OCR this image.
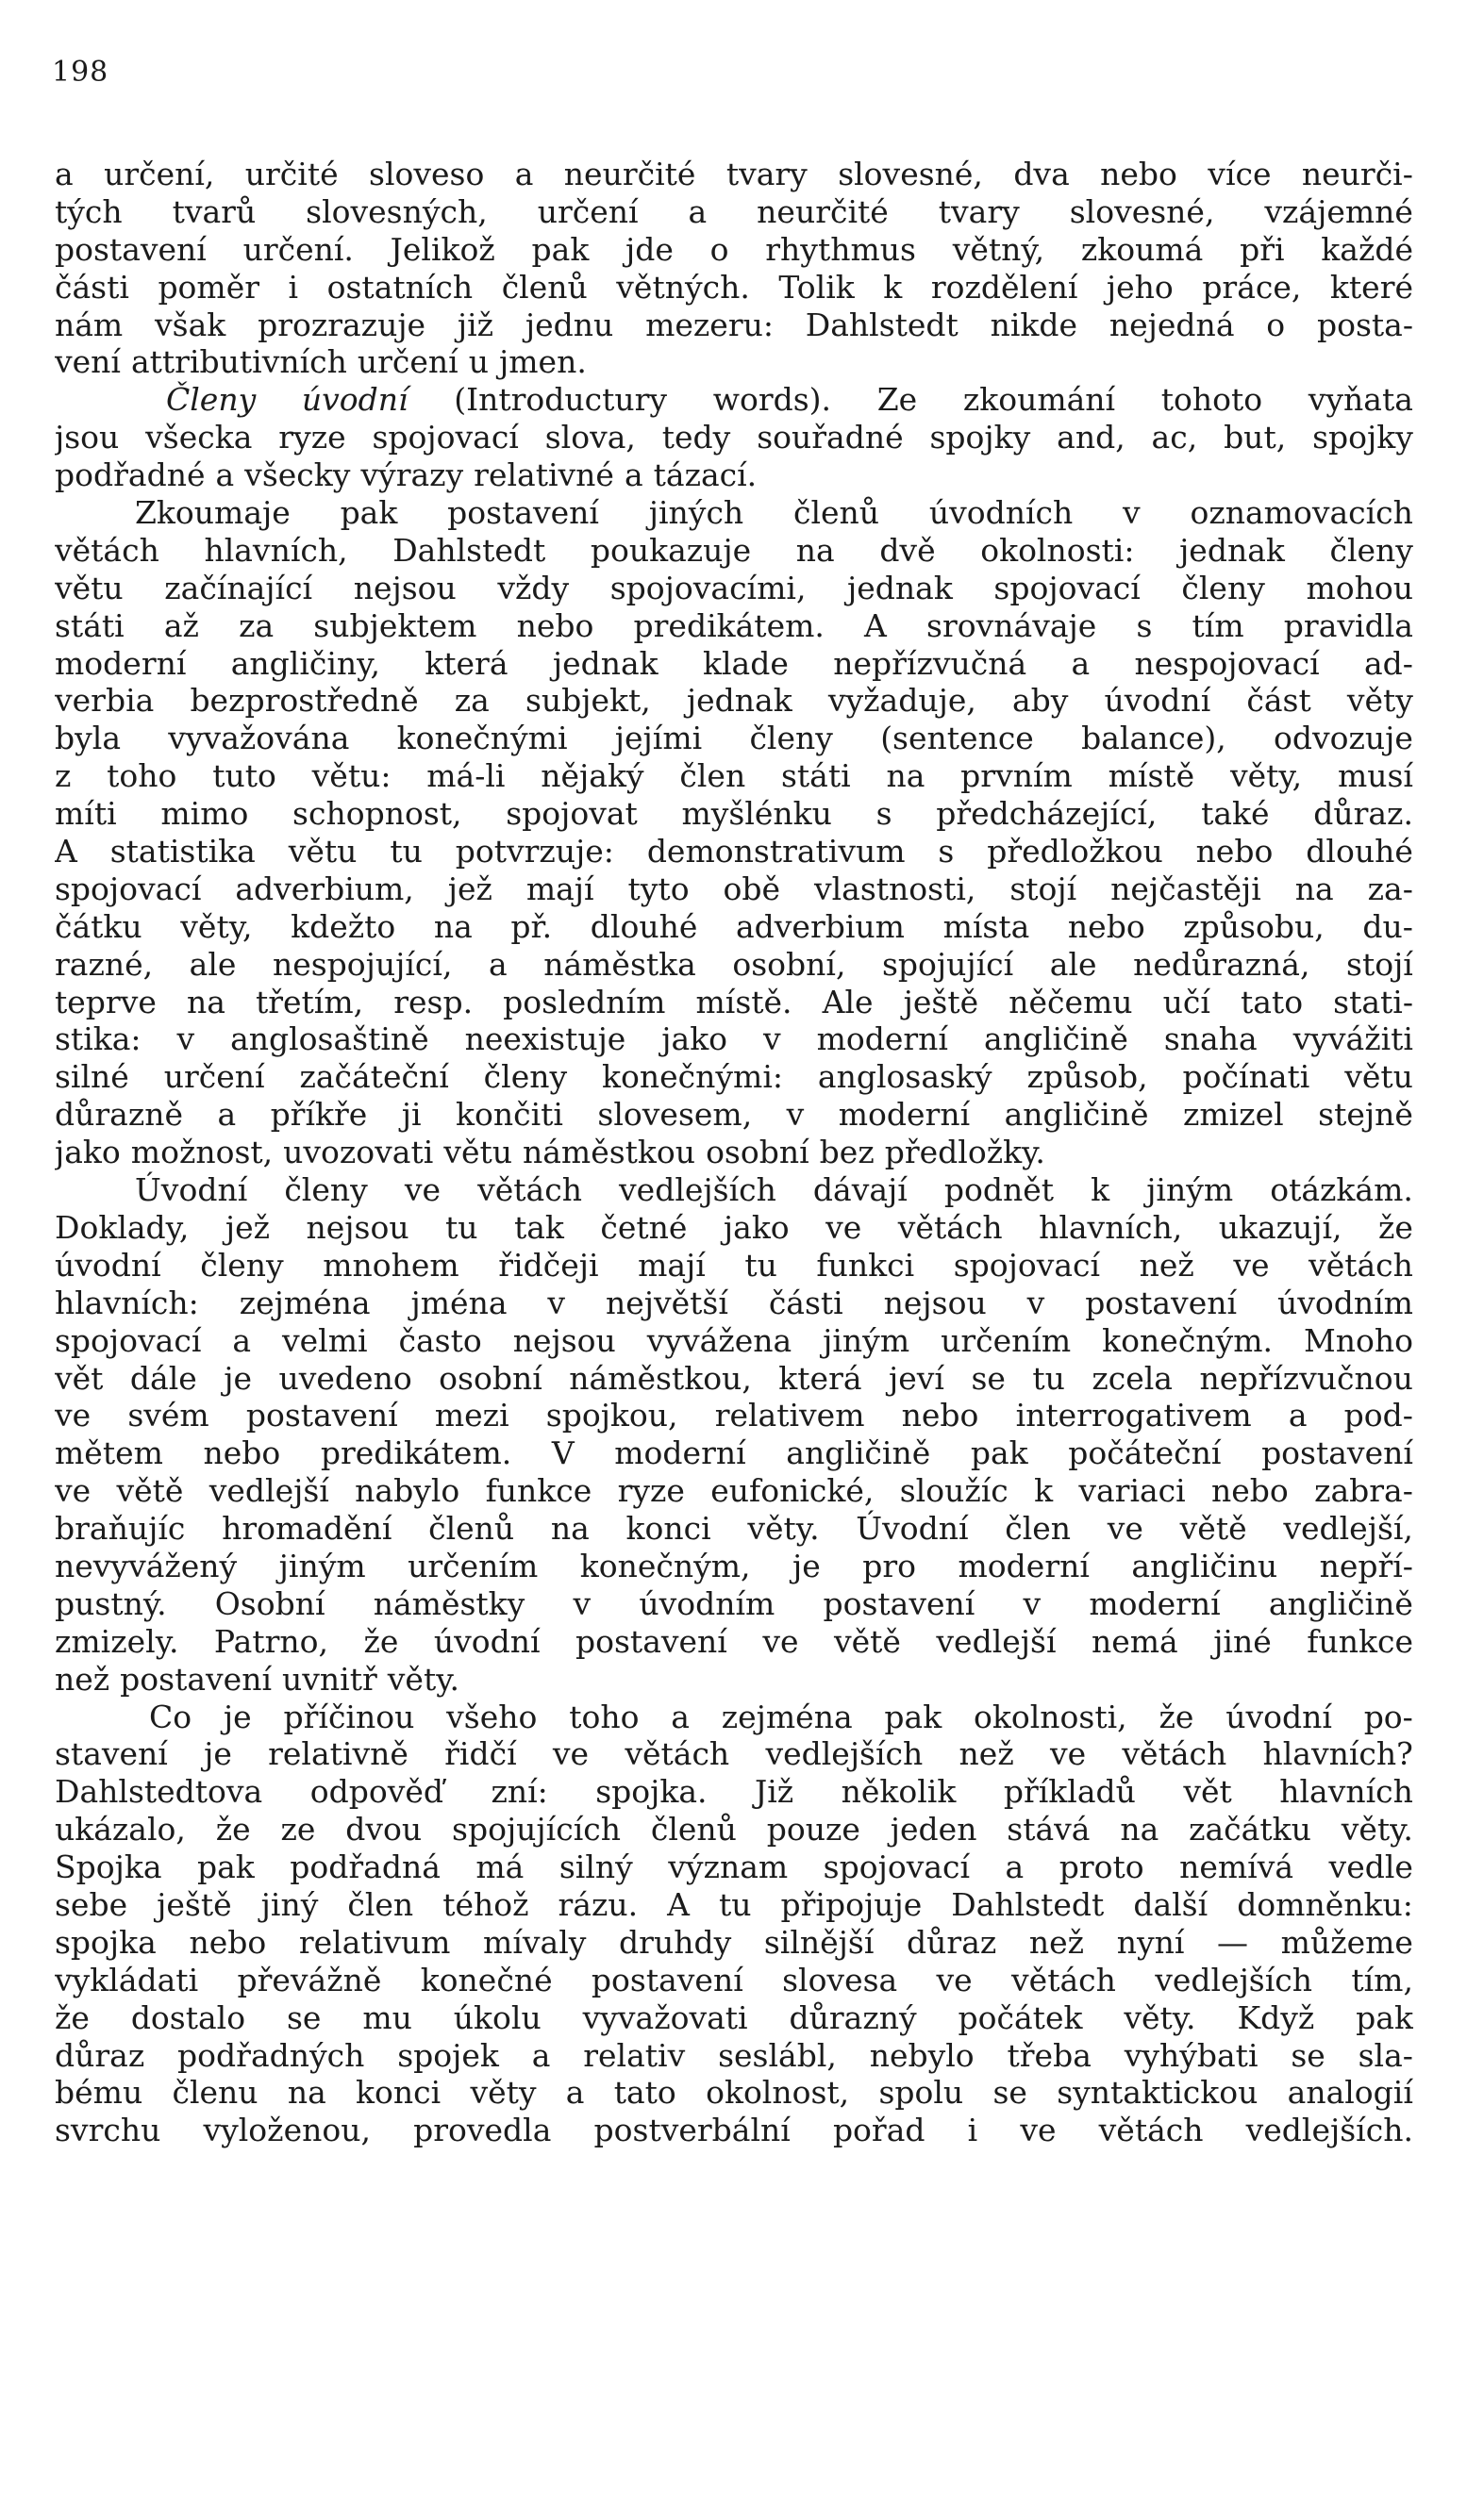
198
a určení, určité sloveso a neurčité tvary slovesné, dva nebo více neurči-
tých tvarů slovesných, určení a neurčité tvary slovesné, vzájemné
postavení určení. Jelikož pak jde o rhythmus větný, zkoumá při každé
části poměr i ostatních členů větných. Tolik k rozdělení jeho práce, které
nám však prozrazuje již jednu mezeru: Dahlstedt nikde nejedná o posta-
vení attributivních určení u jmen.
Členy úvodní (Introductury words). Ze zkoumání tohoto vyňata
jsou všecka ryze spojovací slova, tedy souřadné spojky and, ac, but, spojky
podřadné a všecky výrazy relativné a tázací.
Zkoumaje pak postavení jiných členů úvodních v oznamovacích
větách hlavních, Dahlstedt poukazuje na dvě okolnosti: jednak členy
větu začínající nejsou vždy spojovacími, jednak spojovací členy mohou
státi až za subjektem nebo predikátem. A srovnávaje s tím pravidla
moderní angličiny, která jednak klade nepřízvučná a nespojovací ad-
verbia bezprostředně za subjekt, jednak vyžaduje, aby úvodní část věty
byla vyvažována konečnými jejími členy (sentence balance), odvozuje
z toho tuto větu: má-li nějaký člen státi na prvním místě věty, musí
míti mimo schopnost, spojovat myšlénku s předcházející, také důraz.
A statistika větu tu potvrzuje: demonstrativum s předložkou nebo dlouhé
spojovací adverbium, jež mají tyto obě vlastnosti, stojí nejčastěji na za-
čátku věty, kdežto na př. dlouhé adverbium místa nebo způsobu, du-
razné, ale nespojující, a náměstka osobní, spojující ale nedůrazná, stojí
teprve na třetím, resp. posledním místě. Ale ještě něčemu učí tato stati-
stika: v anglosaštině neexistuje jako v moderní angličině snaha vyvážiti
silné určení začáteční členy konečnými: anglosaský způsob, počínati větu
důrazně a příkře ji končiti slovesem, v moderní angličině zmizel stejně
jako možnost, uvozovati větu náměstkou osobní bez předložky.
Úvodní členy ve větách vedlejších dávají podnět k jiným otázkám.
Doklady, jež nejsou tu tak četné jako ve větách hlavních, ukazují, že
úvodní členy mnohem řidčeji mají tu funkci spojovací než ve větách
hlavních: zejména jména v největší části nejsou v postavení úvodním
spojovací a velmi často nejsou vyvážena jiným určením konečným. Mnoho
vět dále je uvedeno osobní náměstkou, která jeví se tu zcela nepřízvučnou
ve svém postavení mezi spojkou, relativem nebo interrogativem a pod-
mětem nebo predikátem. V moderní angličině pak počáteční postavení
ve větě vedlejší nabylo funkce ryze eufonické, sloužíc k variaci nebo zabra-
braňujíc hromadění členů na konci věty. Úvodní člen ve větě vedlejší,
nevyvážený jiným určením konečným, je pro moderní angličinu nepří-
pustný. Osobní náměstky v úvodním postavení v moderní angličině
zmizely. Patrno, že úvodní postavení ve větě vedlejší nemá jiné funkce
než postavení uvnitř věty.
Co je příčinou všeho toho a zejména pak okolnosti, že úvodní po-
stavení je relativně řidčí ve větách vedlejších než ve větách hlavních?
Dahlstedtova odpověď zní: spojka. Již několik příkladů vět hlavních
ukázalo, že ze dvou spojujících členů pouze jeden stává na začátku věty.
Spojka pak podřadná má silný význam spojovací a proto nemívá vedle
sebe ještě jiný člen téhož rázu. A tu připojuje Dahlstedt další domněnku:
spojka nebo relativum mívaly druhdy silnější důraz než nyní — můžeme
vykládati převážně konečné postavení slovesa ve větách vedlejších tím,
že dostalo se mu úkolu vyvažovati důrazný počátek věty. Když pak
důraz podřadných spojek a relativ seslábl, nebylo třeba vyhýbati se sla-
bému členu na konci věty a tato okolnost, spolu se syntaktickou analogií
svrchu vyloženou, provedla postverbální pořad i ve větách vedlejších.
